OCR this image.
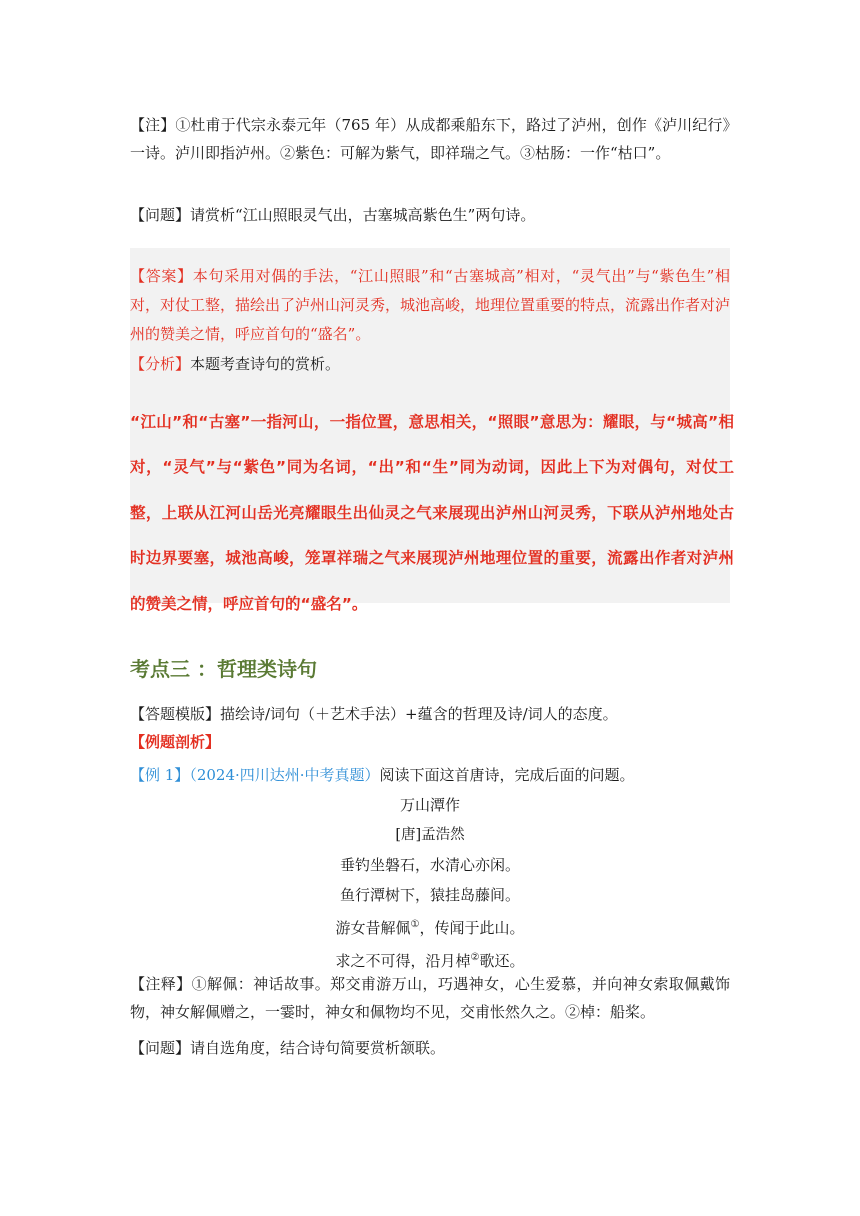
【注】①杜甫于代宗永泰元年（765 年）从成都乘船东下，路过了泸州，创作《泸川纪行》一诗。泸川即指泸州。②紫色：可解为紫气，即祥瑞之气。③枯肠：一作“枯口”。

【问题】请赏析“江山照眼灵气出，古塞城高紫色生”两句诗。

【答案】本句采用对偶的手法，“江山照眼”和“古塞城高”相对，“灵气出”与“紫色生”相对，对仗工整，描绘出了泸州山河灵秀，城池高峻，地理位置重要的特点，流露出作者对泸州的赞美之情，呼应首句的“盛名”。

【分析】本题考查诗句的赏析。

“江山”和“古塞”一指河山，一指位置，意思相关，“照眼”意思为：耀眼，与“城高”相对，“灵气”与“紫色”同为名词，“出”和“生”同为动词，因此上下为对偶句，对仗工整，上联从江河山岳光亮耀眼生出仙灵之气来展现出泸州山河灵秀，下联从泸州地处古时边界要塞，城池高峻，笼罩祥瑞之气来展现泸州地理位置的重要，流露出作者对泸州的赞美之情，呼应首句的“盛名”。

考点三 ：哲理类诗句

【答题模版】描绘诗/词句（＋艺术手法）+蕴含的哲理及诗/词人的态度。

【例题剖析】

【例 1】（2024·四川达州·中考真题）阅读下面这首唐诗，完成后面的问题。

万山潭作
[唐]孟浩然
垂钓坐磐石，水清心亦闲。
鱼行潭树下，猿挂岛藤间。
游女昔解佩①，传闻于此山。
求之不可得，沿月棹②歌还。

【注释】①解佩：神话故事。郑交甫游万山，巧遇神女，心生爱慕，并向神女索取佩戴饰物，神女解佩赠之，一霎时，神女和佩物均不见，交甫怅然久之。②棹：船桨。

【问题】请自选角度，结合诗句简要赏析颔联。
